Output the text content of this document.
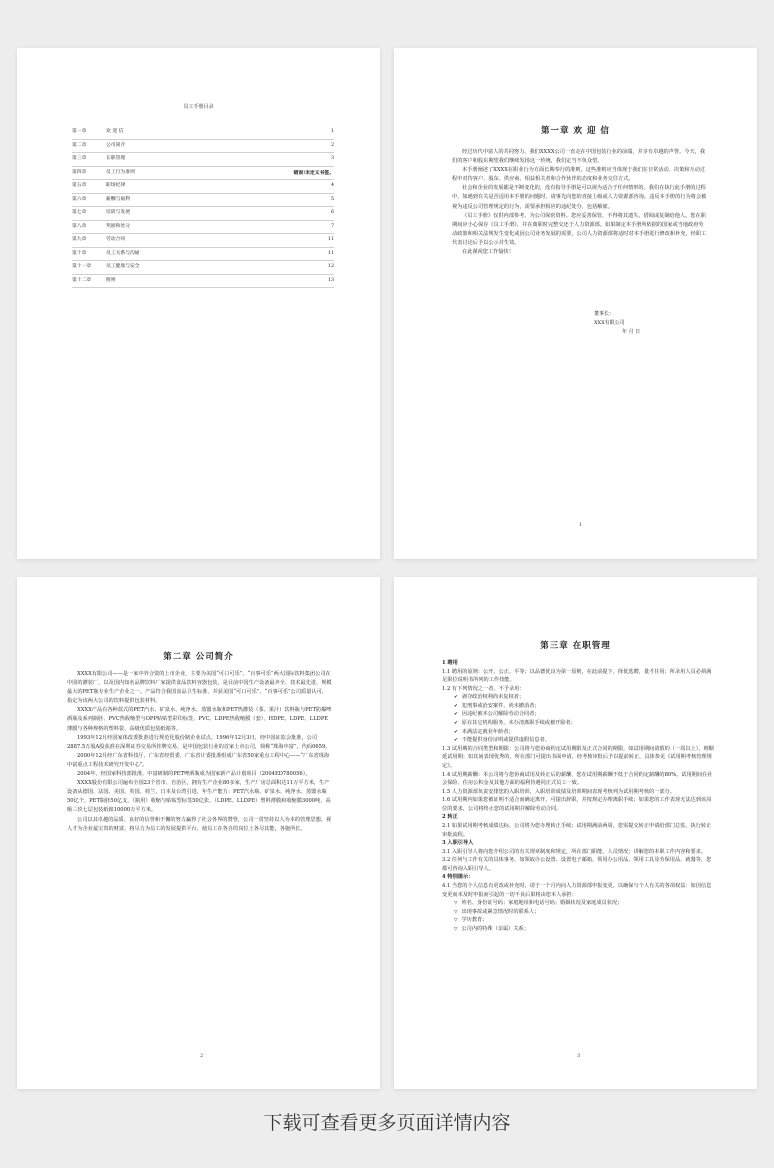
员工手册目录
第一章	欢 迎 信	1
第二章	公司简介	2
第三章	在职管理	3
第四章	员工行为准则	错误!未定义书签。
第五章	职场纪律	4
第六章	薪酬与福利	5
第七章	培训与发展	6
第八章	奖励和处分	7
第九章	劳动合同	11
第十章	员工关系与沟通	11
第十一章	员工健康与安全	12
第十二章	附则	13

第一章 欢 迎 信

经过历代中富人的共同努力，我们XXXX公司一直走在中国包装行业的前端，并享有卓越的声誉。今天，我们的客户和股东期望我们继续发扬这一传统，我们定当不负众望。

本手册阐述了XXXX在职业行为方面长期奉行的准则，这些准则应当体现于我们在日常活动、决策和互动过程中对待客户、股东、供应商、相益相关者和合作伙伴的态度和业务交往方式。

社会和企业的发展都是不断变化的，没有指导手册是可以视为适合于任何情形的。我们在执行此手册的过程中，如遇到有关是否适用本手册的问题时，请事先向您的直接上级或人力资源部咨询。违反本手册的行为将会被视为违反公司管理规定的行为，需要承担相应的违纪处分，包括解雇。

《员工手册》仅供内部参考，为公司保密资料。您应妥善保管，不得将其遗失、借阅或复制给他人。您在职期间应小心保存《员工手册》，并在离职时完整交还于人力资源部。如果制定本手册所依据的国家或当地政府劳动政策和相关法规发生变化或因公司业务发展的需要，公司人力资源部将适时对本手册进行修改和补充，经职工代表讨论后予以公示并生效。

在此谨祝您工作愉快！

董事长：
XXX有限公司
年 月 日
1
第二章 公司简介

XXXX有限公司——是一家中外合资的上市企业，主要为美国“可口可乐”、“百事可乐”两大国际饮料集团公司在中国的灌装厂，以及国内知名品牌饮料厂家提供食品饮料容器包装，是目前中国生产设备最齐全、技术最先进、规模最大的PET瓶专业生产企业之一。产品符合我国食品卫生标准，并获美国“可口可乐”、“百事可乐”公司质量认可，指定为该两大公司的饮料提供包装材料。

XXXX产品有各种款式的PET汽水、矿泉水、纯净水、蒸馏水瓶和PET热灌装（茶、果汁）饮料瓶与PET防爆啤酒瓶及系列瓶胚、PVC热收缩型与OPP贴贴型彩印标签、PVC、LDPE热收缩膜（套）、HDPE、LDPE、LLDPE薄膜与各种规格的塑料袋、高级优质包装纸箱等。

1993年12月经国家体改委批准进行规范化股份制企业试点。1996年12月3日，经中国证监会批准，公司2887.5万股A股获准在深圳证券交易所挂牌交易，是中国包装行业的首家上市公司，简称“珠海中富”，代码0659。

2000年12月经广东省科技厅、广东省经贸委、广东省计委批准组成广东省50家重点工程中心——“广东省珠海中富重点工程技术研究开发中心”。

2004年，经国家科技部批准，中富研制的PET啤酒瓶成为国家新产品计划项目（2004ED780056）。

XXXX股份有限公司遍布全国23个省市、自治区，拥有生产企业80多家，生产厂房总面积达11万平方米，生产设备从德国、法国、美国、英国、荷兰、日本及台湾引进，年生产能力：PET汽水瓶、矿泉水、纯净水、蒸馏水瓶50亿个，PET瓶胚50亿支，（瓶用）收缩与贴贴型标签50亿张，（LDPE、LLDPE）塑料薄膜和收缩膜3000吨，高级三玖七层包装纸箱10000万平方米。

公司以其卓越的品质、良好的信誉和不懈的努力赢得了社会各界的赞誉，公司一贯坚持以人为本的管理思想，视人才为企业最宝贵的财富，将尽力为员工的发展提供平台，使员工在各自的岗位上各尽其能，各施所长。

2
第三章 在职管理
1 聘用
1.1 聘用的原则：公开、公正、平等；以品德优良为第一原则，在此前提下，择优选聘，量才任用；所录用人员必须满足职位说明书所列的工作技能。
1.2 有下列情况之一者，不予录用：
✔ 剥夺政治权利尚未复权者；
✔ 犯刑事或治安案件，尚未撤消者；
✔ 因违纪被本公司解除劳动合同者；
✔ 原在其它机构服务，未办清离职手续或被开除者；
✔ 未满法定就业年龄者；
✔ 不能提供身份证明或提供虚假信息者。
1.3 试用期的合同类型和期限：公司将与您协商约定试用期限及正式合同的期限，如试用期间请假的（一周以上），则顺延试用期；如其间表现优秀的，所在部门可提出书面申请，经考核审批后予以提前转正，具体参见《试用期考核管理规定》。
1.4 试用期薪酬：本公司将与您协商试用及转正后的薪酬，您在试用期薪酬不低于合同约定薪酬的80%。试用期间在社会保险、住房公积金及其他方面的福利待遇同正式员工一致。
1.5 人力资源部负责安排您的入职培训，入职培训成绩及培训期间表现考核列为试用期考核的一部分。
1.6 试用期内如果您被证明不适合而确定离开，可提出辞职，并按规定办理离职手续；如果您的工作表现无法达到该岗位的要求，公司将终止您的试用期并解除劳动合同。
2 转正
2.1 如果试用期考核成绩达标，公司将为您办理转正手续；试用期满前两周，您需提交转正申请给部门总监，执行转正审批流程。
3 入职引导人
3.1 入职引导人将向您介绍公司的有关规章制度和规定，所在部门职能、人员情况；讲解您的本职工作内容和要求。
3.2 任何与工作有关的具体事务，如领取办公设置、设置电子邮箱、领用办公用品、领用工具及劳保用品、就餐等，您都可咨询入职引导人。
4 特别提示：
4.1 当您的个人信息有更改或补充时，请于一个月内向人力资源部申报变更，以确保与个人有关的各项权益：如因信息变更而未及时申报而引起的一切不良后果将由您本人承担：
▽ 姓名、身份证号码；家庭地址和电话号码；婚姻状况及家庭成员状况；
▽ 出现事故或紧急情况时的联系人；
▽ 学历教育；
▽ 公司内的特殊（亲属）关系；
3
下载可查看更多页面详情内容
